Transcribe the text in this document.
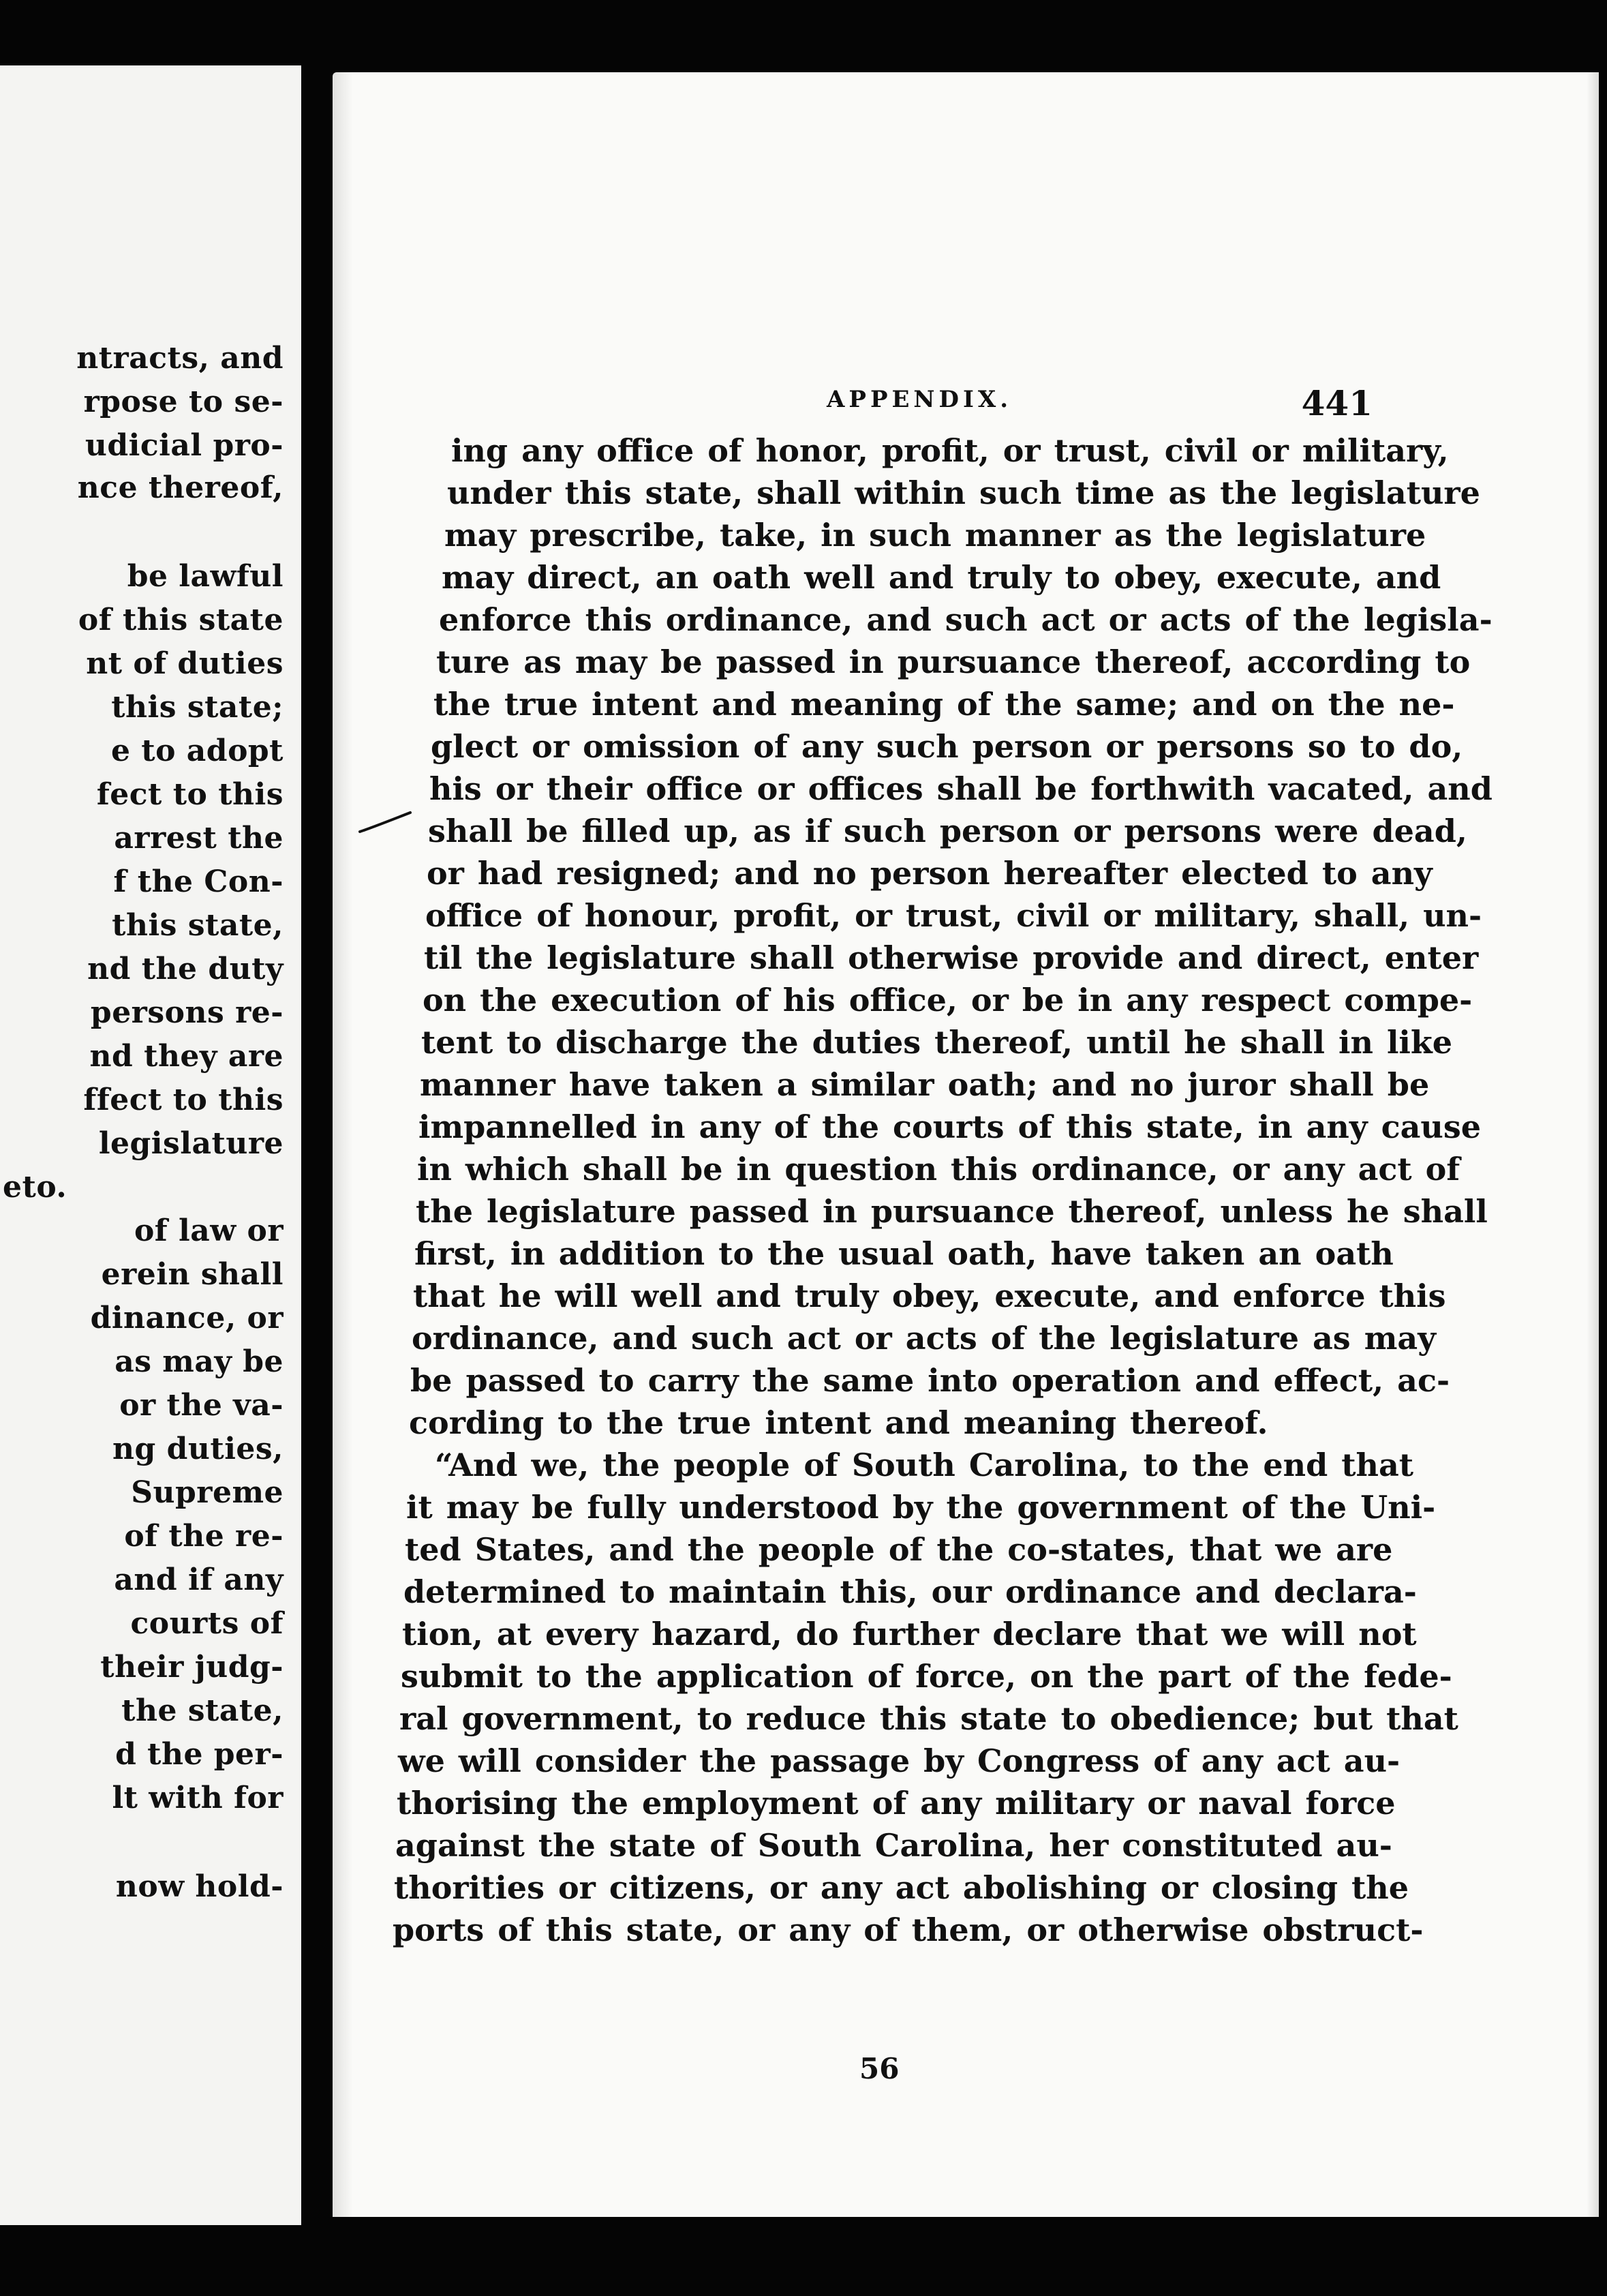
ntracts, and
rpose to se-
udicial pro-
nce thereof,
be lawful
of this state
nt of duties
this state;
e to adopt
fect to this
arrest the
f the Con-
this state,
nd the duty
persons re-
nd they are
ffect to this
legislature
eto.
of law or
erein shall
dinance, or
as may be
or the va-
ng duties,
Supreme
of the re-
and if any
courts of
their judg-
the state,
d the per-
lt with for
now hold-
APPENDIX.	441
ing any office of honor, profit, or trust, civil or military,
under this state, shall within such time as the legislature
may prescribe, take, in such manner as the legislature
may direct, an oath well and truly to obey, execute, and
enforce this ordinance, and such act or acts of the legisla-
ture as may be passed in pursuance thereof, according to
the true intent and meaning of the same; and on the ne-
glect or omission of any such person or persons so to do,
his or their office or offices shall be forthwith vacated, and
shall be filled up, as if such person or persons were dead,
or had resigned; and no person hereafter elected to any
office of honour, profit, or trust, civil or military, shall, un-
til the legislature shall otherwise provide and direct, enter
on the execution of his office, or be in any respect compe-
tent to discharge the duties thereof, until he shall in like
manner have taken a similar oath; and no juror shall be
impannelled in any of the courts of this state, in any cause
in which shall be in question this ordinance, or any act of
the legislature passed in pursuance thereof, unless he shall
first, in addition to the usual oath, have taken an oath
that he will well and truly obey, execute, and enforce this
ordinance, and such act or acts of the legislature as may
be passed to carry the same into operation and effect, ac-
cording to the true intent and meaning thereof.
“And we, the people of South Carolina, to the end that
it may be fully understood by the government of the Uni-
ted States, and the people of the co-states, that we are
determined to maintain this, our ordinance and declara-
tion, at every hazard, do further declare that we will not
submit to the application of force, on the part of the fede-
ral government, to reduce this state to obedience; but that
we will consider the passage by Congress of any act au-
thorising the employment of any military or naval force
against the state of South Carolina, her constituted au-
thorities or citizens, or any act abolishing or closing the
ports of this state, or any of them, or otherwise obstruct-
56
